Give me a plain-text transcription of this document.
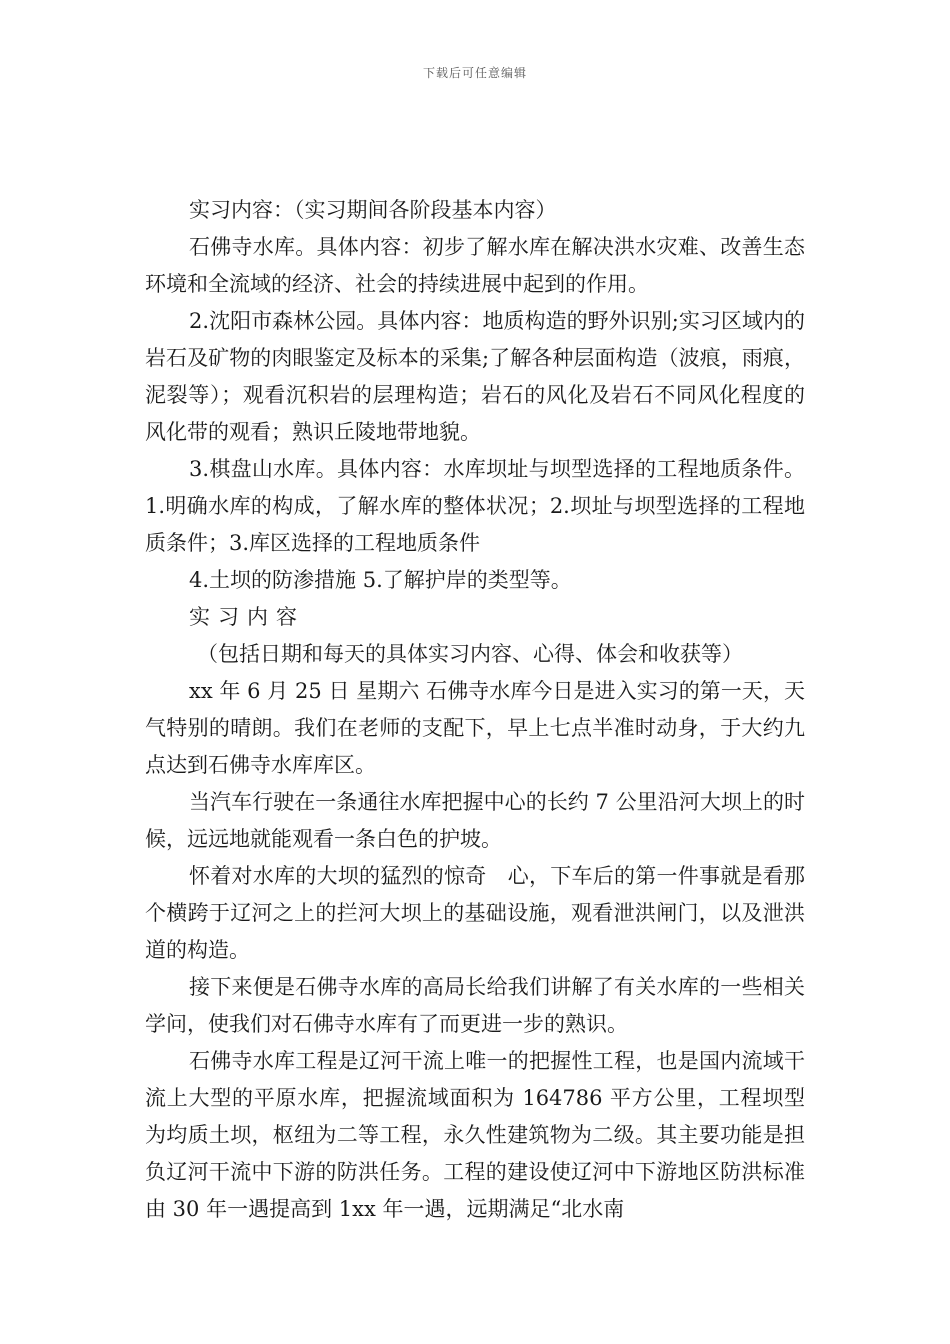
下载后可任意编辑

实习内容：（实习期间各阶段基本内容）

石佛寺水库。具体内容：初步了解水库在解决洪水灾难、改善生态环境和全流域的经济、社会的持续进展中起到的作用。

2.沈阳市森林公园。具体内容：地质构造的野外识别;实习区域内的岩石及矿物的肉眼鉴定及标本的采集;了解各种层面构造（波痕，雨痕，泥裂等）；观看沉积岩的层理构造；岩石的风化及岩石不同风化程度的风化带的观看；熟识丘陵地带地貌。

3.棋盘山水库。具体内容：水库坝址与坝型选择的工程地质条件。1.明确水库的构成，了解水库的整体状况；2.坝址与坝型选择的工程地质条件；3.库区选择的工程地质条件

4.土坝的防渗措施 5.了解护岸的类型等。

实习内容

（包括日期和每天的具体实习内容、心得、体会和收获等）

xx 年 6 月 25 日 星期六 石佛寺水库今日是进入实习的第一天，天气特别的晴朗。我们在老师的支配下，早上七点半准时动身，于大约九点达到石佛寺水库库区。

当汽车行驶在一条通往水库把握中心的长约 7 公里沿河大坝上的时候，远远地就能观看一条白色的护坡。

怀着对水库的大坝的猛烈的惊奇　心，下车后的第一件事就是看那个横跨于辽河之上的拦河大坝上的基础设施，观看泄洪闸门，以及泄洪道的构造。

接下来便是石佛寺水库的高局长给我们讲解了有关水库的一些相关学问，使我们对石佛寺水库有了而更进一步的熟识。

石佛寺水库工程是辽河干流上唯一的把握性工程，也是国内流域干流上大型的平原水库，把握流域面积为 164786 平方公里，工程坝型为均质土坝，枢纽为二等工程，永久性建筑物为二级。其主要功能是担负辽河干流中下游的防洪任务。工程的建设使辽河中下游地区防洪标准由 30 年一遇提高到 1xx 年一遇，远期满足“北水南
